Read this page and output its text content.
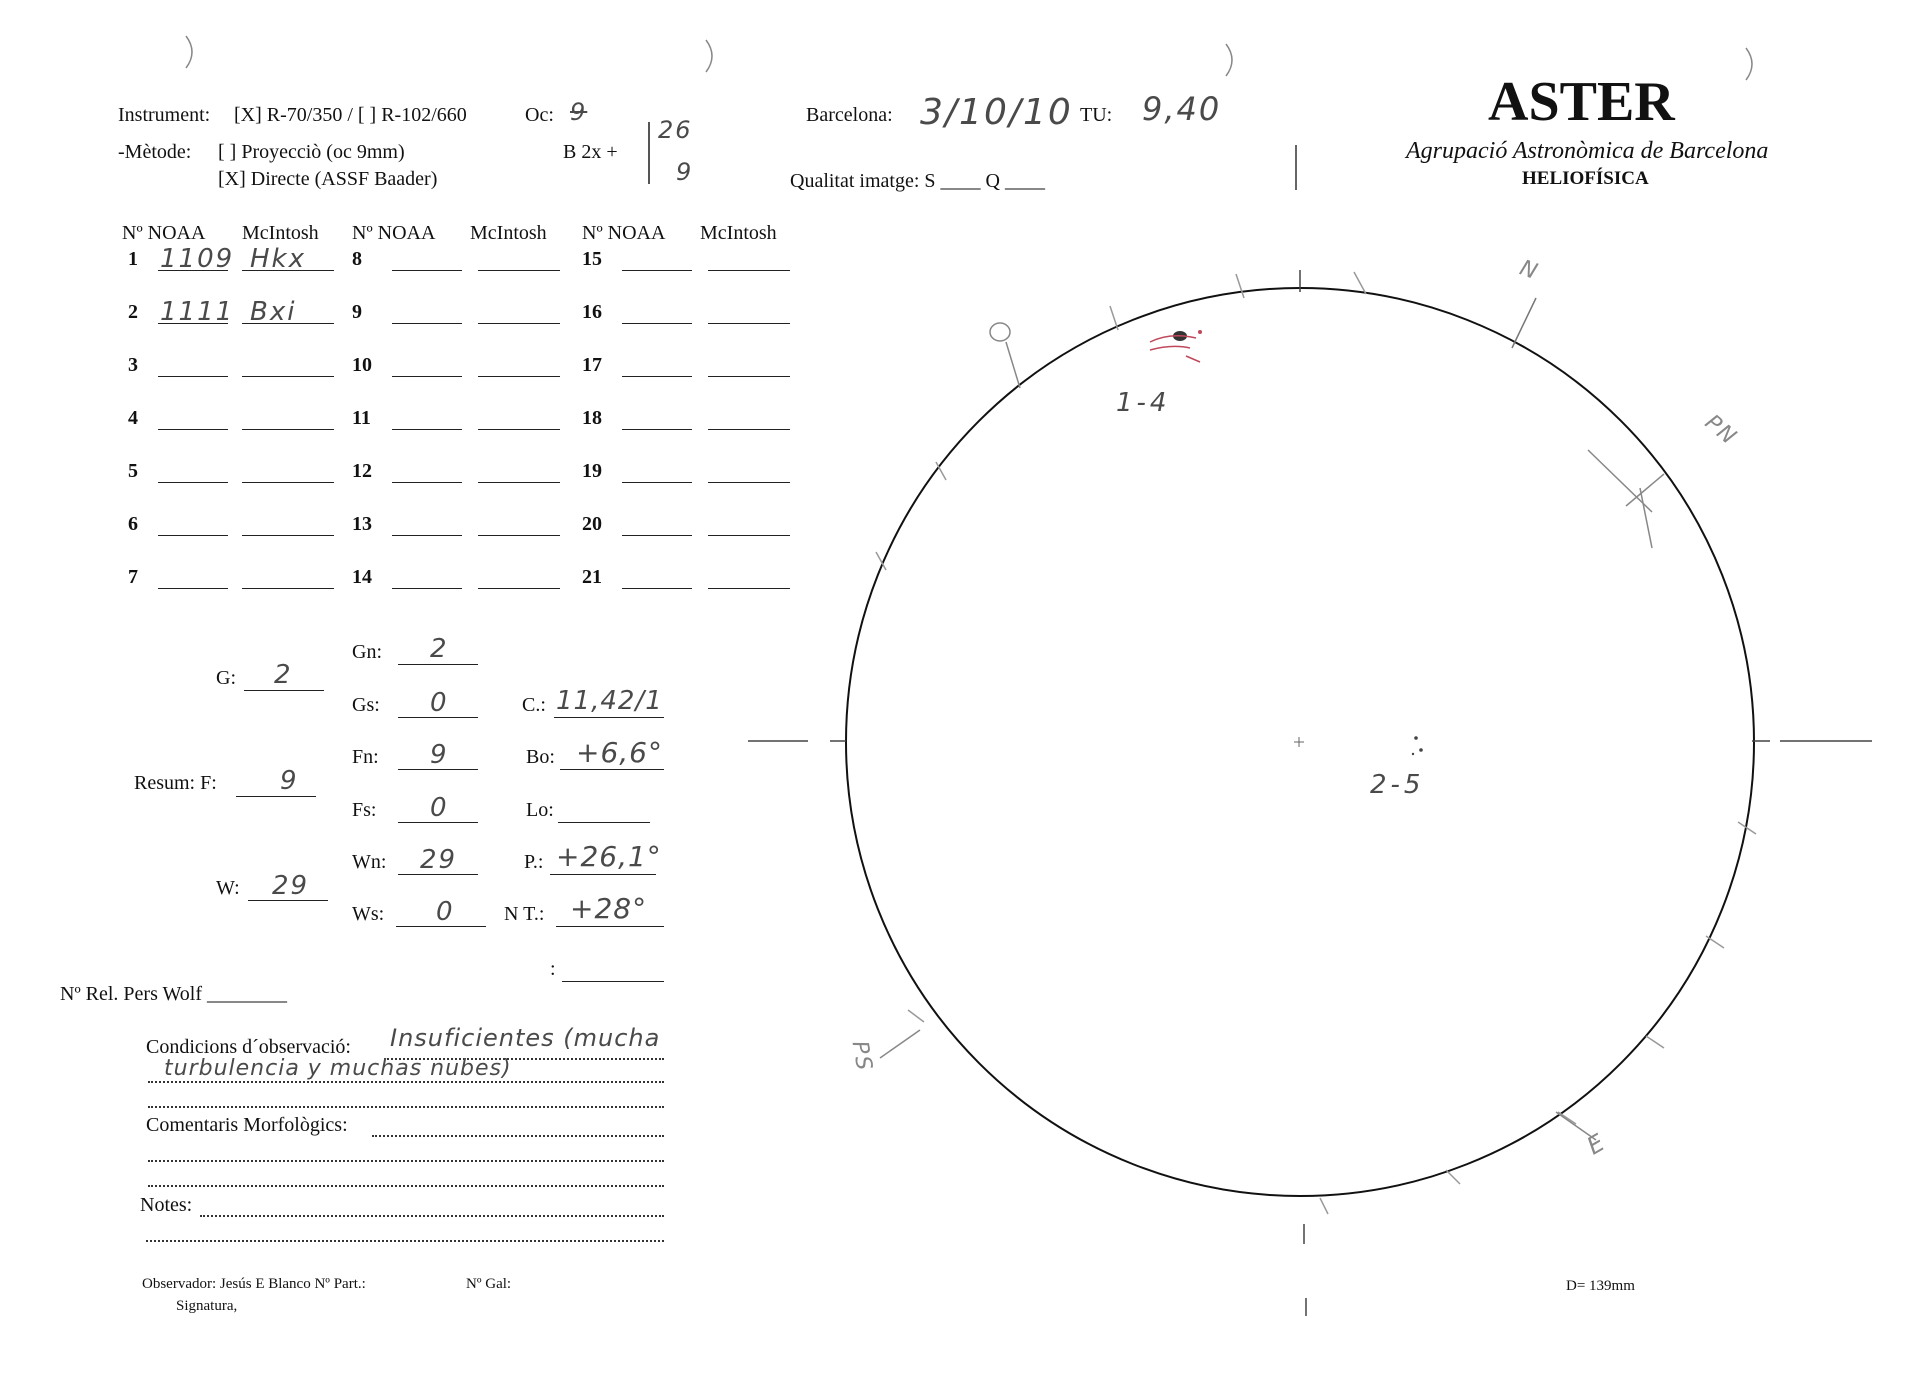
Instrument: [X] R-70/350 / [ ] R-102/660	Oc: 9
-Mètode: [ ] Proyecciò (oc 9mm)
[X] Directe (ASSF Baader)
B 2x +
26
9
Barcelona: 3/10/10 TU: 9,40
Qualitat imatge: S ____ Q ____
ASTER
Agrupació Astronòmica de Barcelona
HELIOFÍSICA
Nº NOAA McIntosh Nº NOAA McIntosh Nº NOAA McIntosh
1
2
3
4
5
6
7
8
9
10
11
12
13
14
15
16
17
18
19
20
21
1109 Hkx
1111 Bxi
G: 2
Resum: F: 9
W: 29
Gn: 2
Gs: 0
Fn: 9
Fs: 0
Wn: 29
Ws: 0
C.: 11,42/1
Bo: +6,6°
Lo:
P.: +26,1°
N T.: +28°
:
Nº Rel. Pers Wolf ________
Condicions d´observació: Insuficientes (mucha
turbulencia y muchas nubes)
Comentaris Morfològics:
Notes:
Observador: Jesús E Blanco Nº Part.:	Nº Gal:
Signatura,
D= 139mm
1-4
2-5
N
PN
PS
E
